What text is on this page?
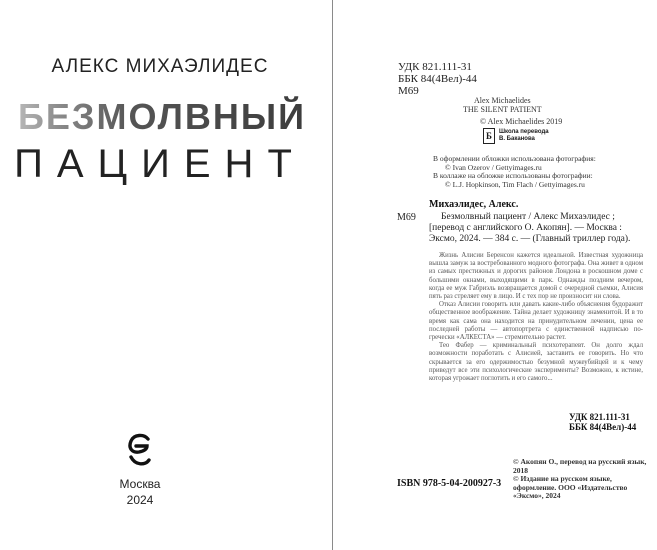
АЛЕКС МИХАЭЛИДЕС
БЕЗМОЛВНЫЙ
ПАЦИЕНТ
Москва
2024
УДК 821.111-31
ББК 84(4Вел)-44
М69
Alex Michaelides
THE SILENT PATIENT
© Alex Michaelides 2019
Б	Школа перевода
В. Баканова
В оформлении обложки использована фотография:
© Ivan Ozerov / Gettyimages.ru
В коллаже на обложке использованы фотографии:
© L.J. Hopkinson, Tim Flach / Gettyimages.ru
Михаэлидес, Алекс.
М69	Безмолвный пациент / Алекс Михаэлидес ; [перевод с английского О. Акопян]. — Москва : Эксмо, 2024. — 384 с. — (Главный триллер года).

Жизнь Алисии Беренсон кажется идеальной. Известная художница вышла замуж за востребованного модного фотографа. Она живет в одном из самых престижных и дорогих районов Лондона в роскошном доме с большими окнами, выходящими в парк. Однажды поздним вечером, когда ее муж Габриэль возвращается домой с очередной съемки, Алисия пять раз стреляет ему в лицо. И с тех пор не произносит ни слова.

Отказ Алисии говорить или давать какие-либо объяснения будоражит общественное воображение. Тайна делает художницу знаменитой. И в то время как сама она находится на принудительном лечении, цена ее последней работы — автопортрета с единственной надписью по-гречески «АЛКЕСТА» — стремительно растет.

Тео Фабер — криминальный психотерапевт. Он долго ждал возможности поработать с Алисией, заставить ее говорить. Но что скрывается за его одержимостью безумной мужеубийцей и к чему приведут все эти психологические эксперименты? Возможно, к истине, которая угрожает поглотить и его самого...

УДК 821.111-31
ББК 84(4Вел)-44
ISBN 978-5-04-200927-3
© Акопян О., перевод на русский язык, 2018
© Издание на русском языке, оформление. ООО «Издательство «Эксмо», 2024
